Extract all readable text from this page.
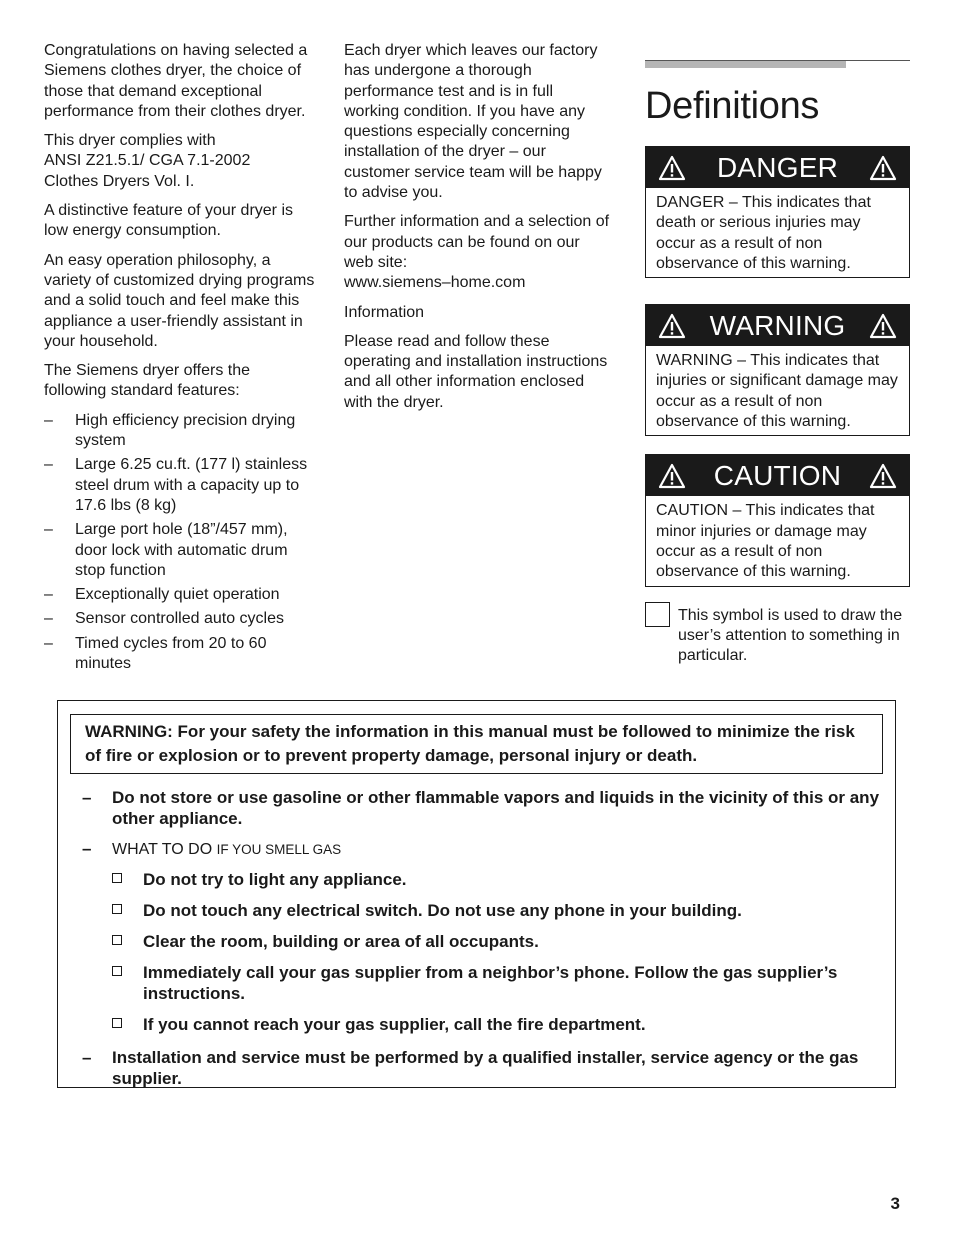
Congratulations on having selected a Siemens clothes dryer, the choice of those that demand exceptional performance from their clothes dryer.

This dryer complies with
ANSI Z21.5.1/ CGA 7.1-2002
Clothes Dryers Vol. I.

A distinctive feature of your dryer is low energy consumption.

An easy operation philosophy, a variety of customized drying programs and a solid touch and feel make this appliance a user-friendly assistant in your household.

The Siemens dryer offers the following standard features:

– High efficiency precision drying system
– Large 6.25 cu.ft. (177 l) stainless steel drum with a capacity up to 17.6 lbs (8 kg)
– Large port hole (18”/457 mm), door lock with automatic drum stop function
– Exceptionally quiet operation
– Sensor controlled auto cycles
– Timed cycles from 20 to 60 minutes

Each dryer which leaves our factory has undergone a thorough performance test and is in full working condition. If you have any questions especially concerning installation of the dryer – our customer service team will be happy to advise you.

Further information and a selection of our products can be found on our web site:
www.siemens–home.com

Information

Please read and follow these operating and installation instructions and all other information enclosed with the dryer.

Definitions
DANGER
DANGER – This indicates that death or serious injuries may occur as a result of non observance of this warning.
WARNING
WARNING – This indicates that injuries or significant damage may occur as a result of non observance of this warning.
CAUTION
CAUTION – This indicates that minor injuries or damage may occur as a result of non observance of this warning.
This symbol is used to draw the user’s attention to something in particular.
WARNING: For your safety the information in this manual must be followed to minimize the risk of fire or explosion or to prevent property damage, personal injury or death.
– Do not store or use gasoline or other flammable vapors and liquids in the vicinity of this or any other appliance.
– WHAT TO DO IF YOU SMELL GAS
Do not try to light any appliance.
Do not touch any electrical switch. Do not use any phone in your building.
Clear the room, building or area of all occupants.
Immediately call your gas supplier from a neighbor’s phone. Follow the gas supplier’s instructions.
If you cannot reach your gas supplier, call the fire department.
– Installation and service must be performed by a qualified installer, service agency or the gas supplier.
3
